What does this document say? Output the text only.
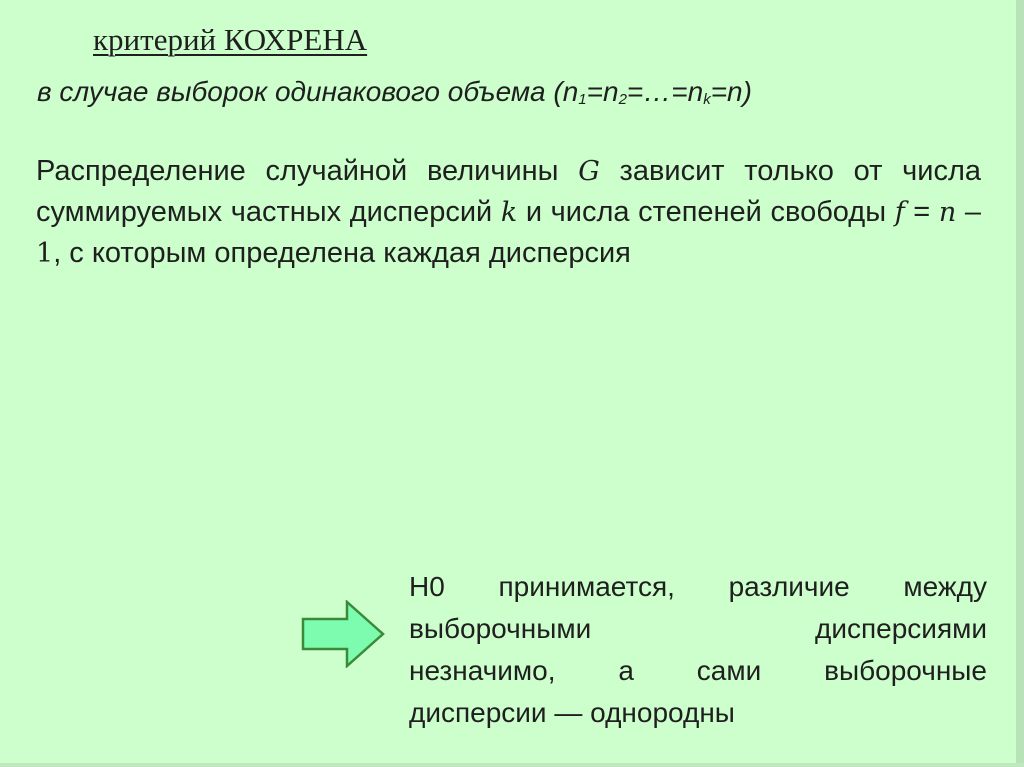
критерий КОХРЕНА
в случае выборок одинакового объема $(n_1=n_2=\dots=n_k=n)$

Распределение случайной величины G зависит только от числа суммируемых частных дисперсий k и числа степеней свободы f = n – 1, с которым определена каждая дисперсия

Н0 принимается, различие между
выборочными дисперсиями
незначимо, а сами выборочные
дисперсии — однородны
